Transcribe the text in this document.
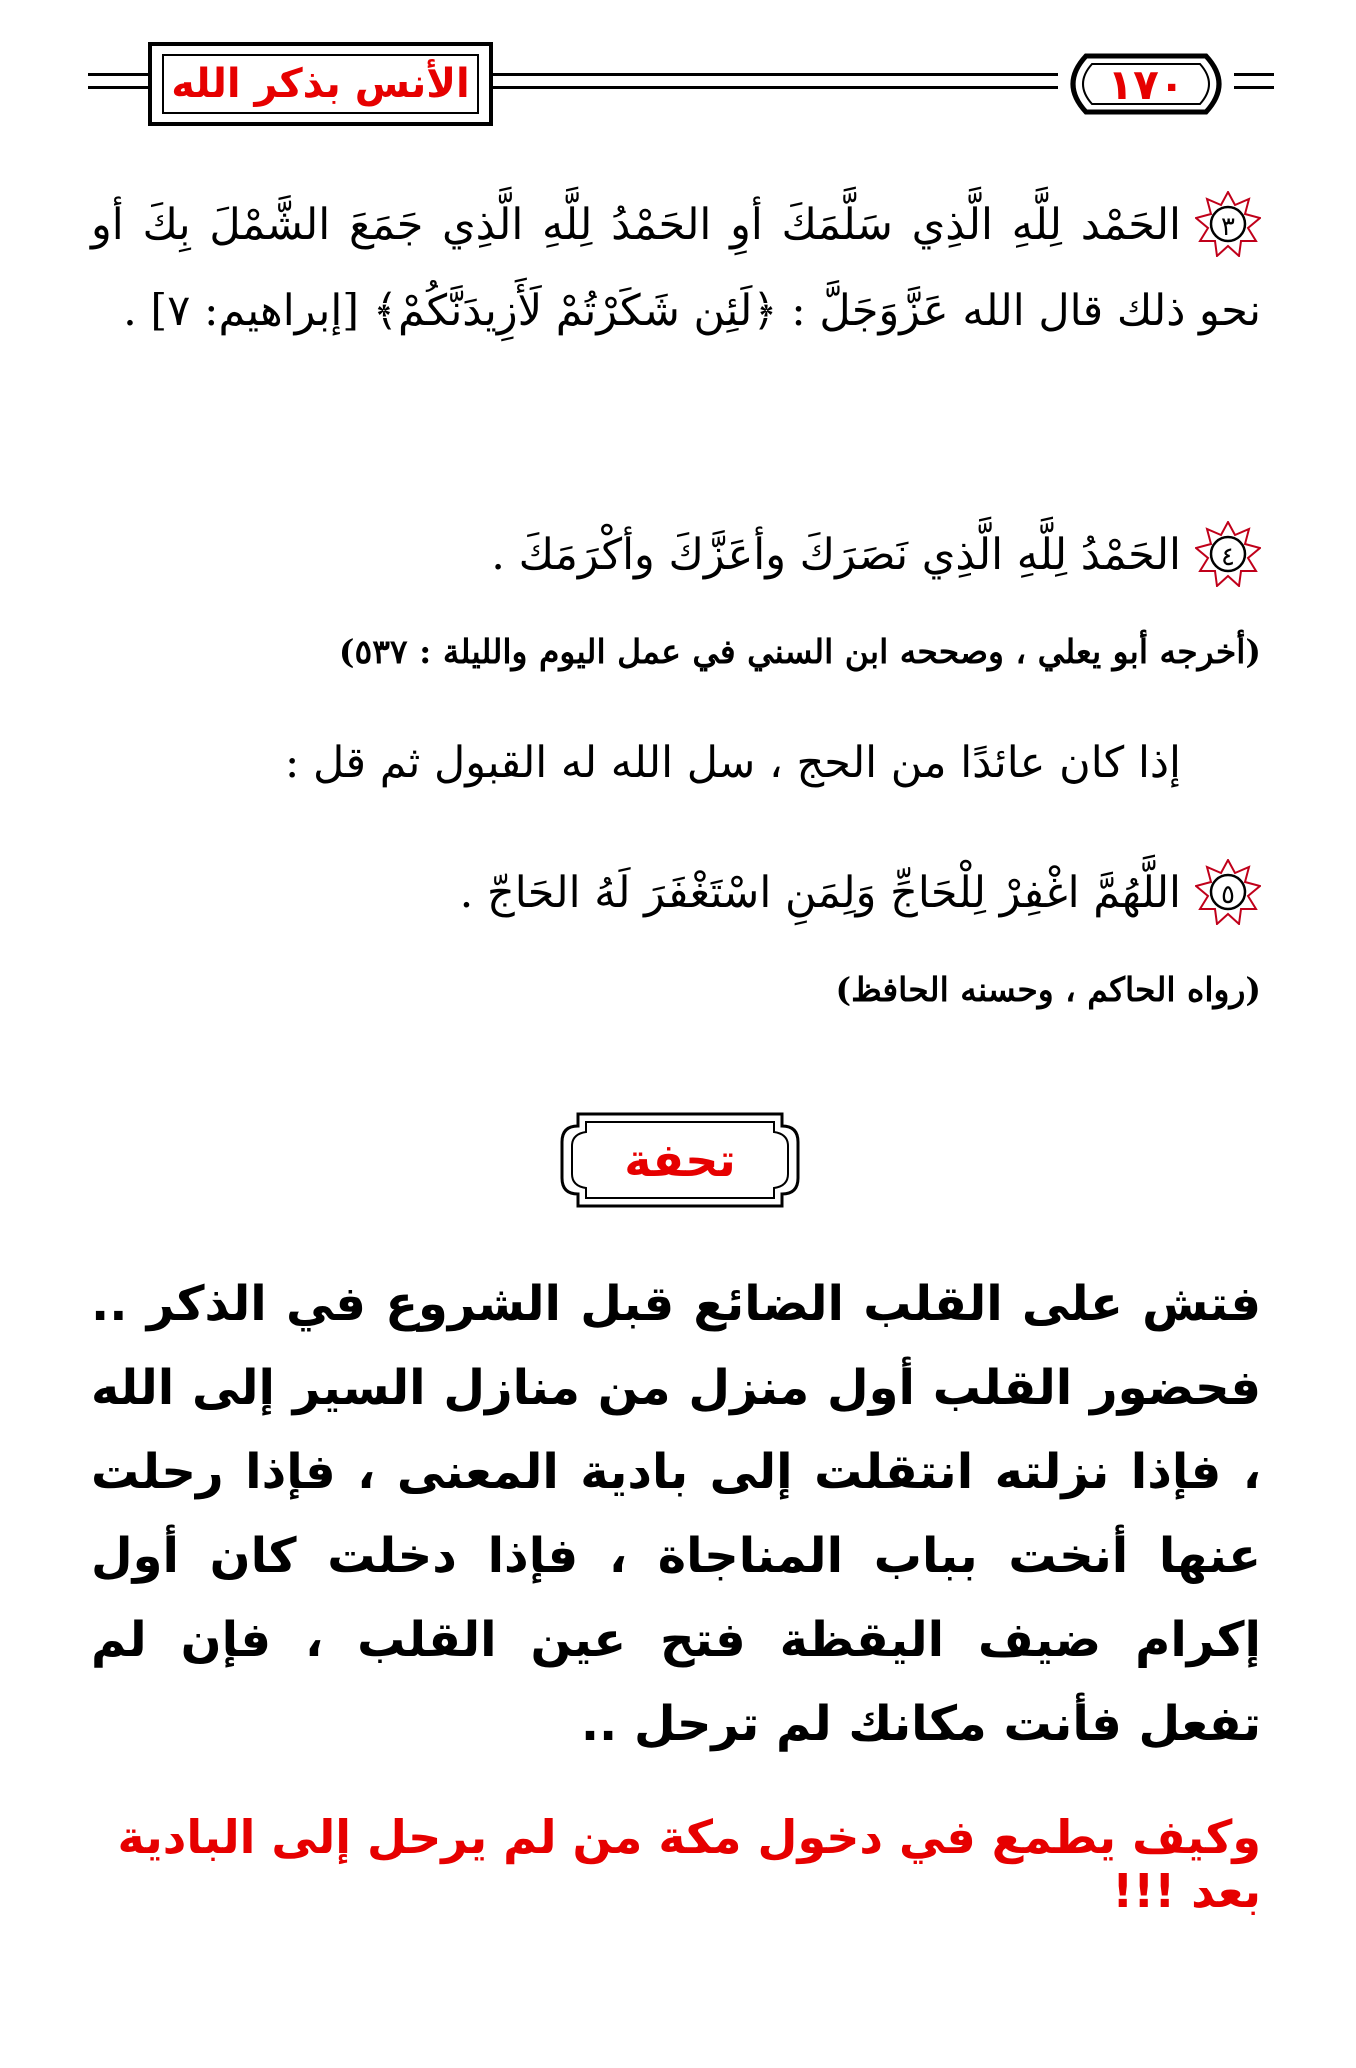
الأنس بذكر الله	١٧٠
٣
الحَمْد لِلَّهِ الَّذِي سَلَّمَكَ أوِ الحَمْدُ لِلَّهِ الَّذِي جَمَعَ الشَّمْلَ بِكَ أو نحو ذلك قال الله عَزَّوَجَلَّ : ﴿لَئِن شَكَرْتُمْ لَأَزِيدَنَّكُمْ﴾ [إبراهيم: ٧] .
٤
الحَمْدُ لِلَّهِ الَّذِي نَصَرَكَ وأعَزَّكَ وأكْرَمَكَ .
(أخرجه أبو يعلي ، وصححه ابن السني في عمل اليوم والليلة : ٥٣٧)
إذا كان عائدًا من الحج ، سل الله له القبول ثم قل :
٥
اللَّهُمَّ اغْفِرْ لِلْحَاجِّ وَلِمَنِ اسْتَغْفَرَ لَهُ الحَاجّ .
(رواه الحاكم ، وحسنه الحافظ)
تحفة
فتش على القلب الضائع قبل الشروع في الذكر .. فحضور القلب أول منزل من منازل السير إلى الله ، فإذا نزلته انتقلت إلى بادية المعنى ، فإذا رحلت عنها أنخت بباب المناجاة ، فإذا دخلت كان أول إكرام ضيف اليقظة فتح عين القلب ، فإن لم تفعل فأنت مكانك لم ترحل ..
وكيف يطمع في دخول مكة من لم يرحل إلى البادية بعد !!!
